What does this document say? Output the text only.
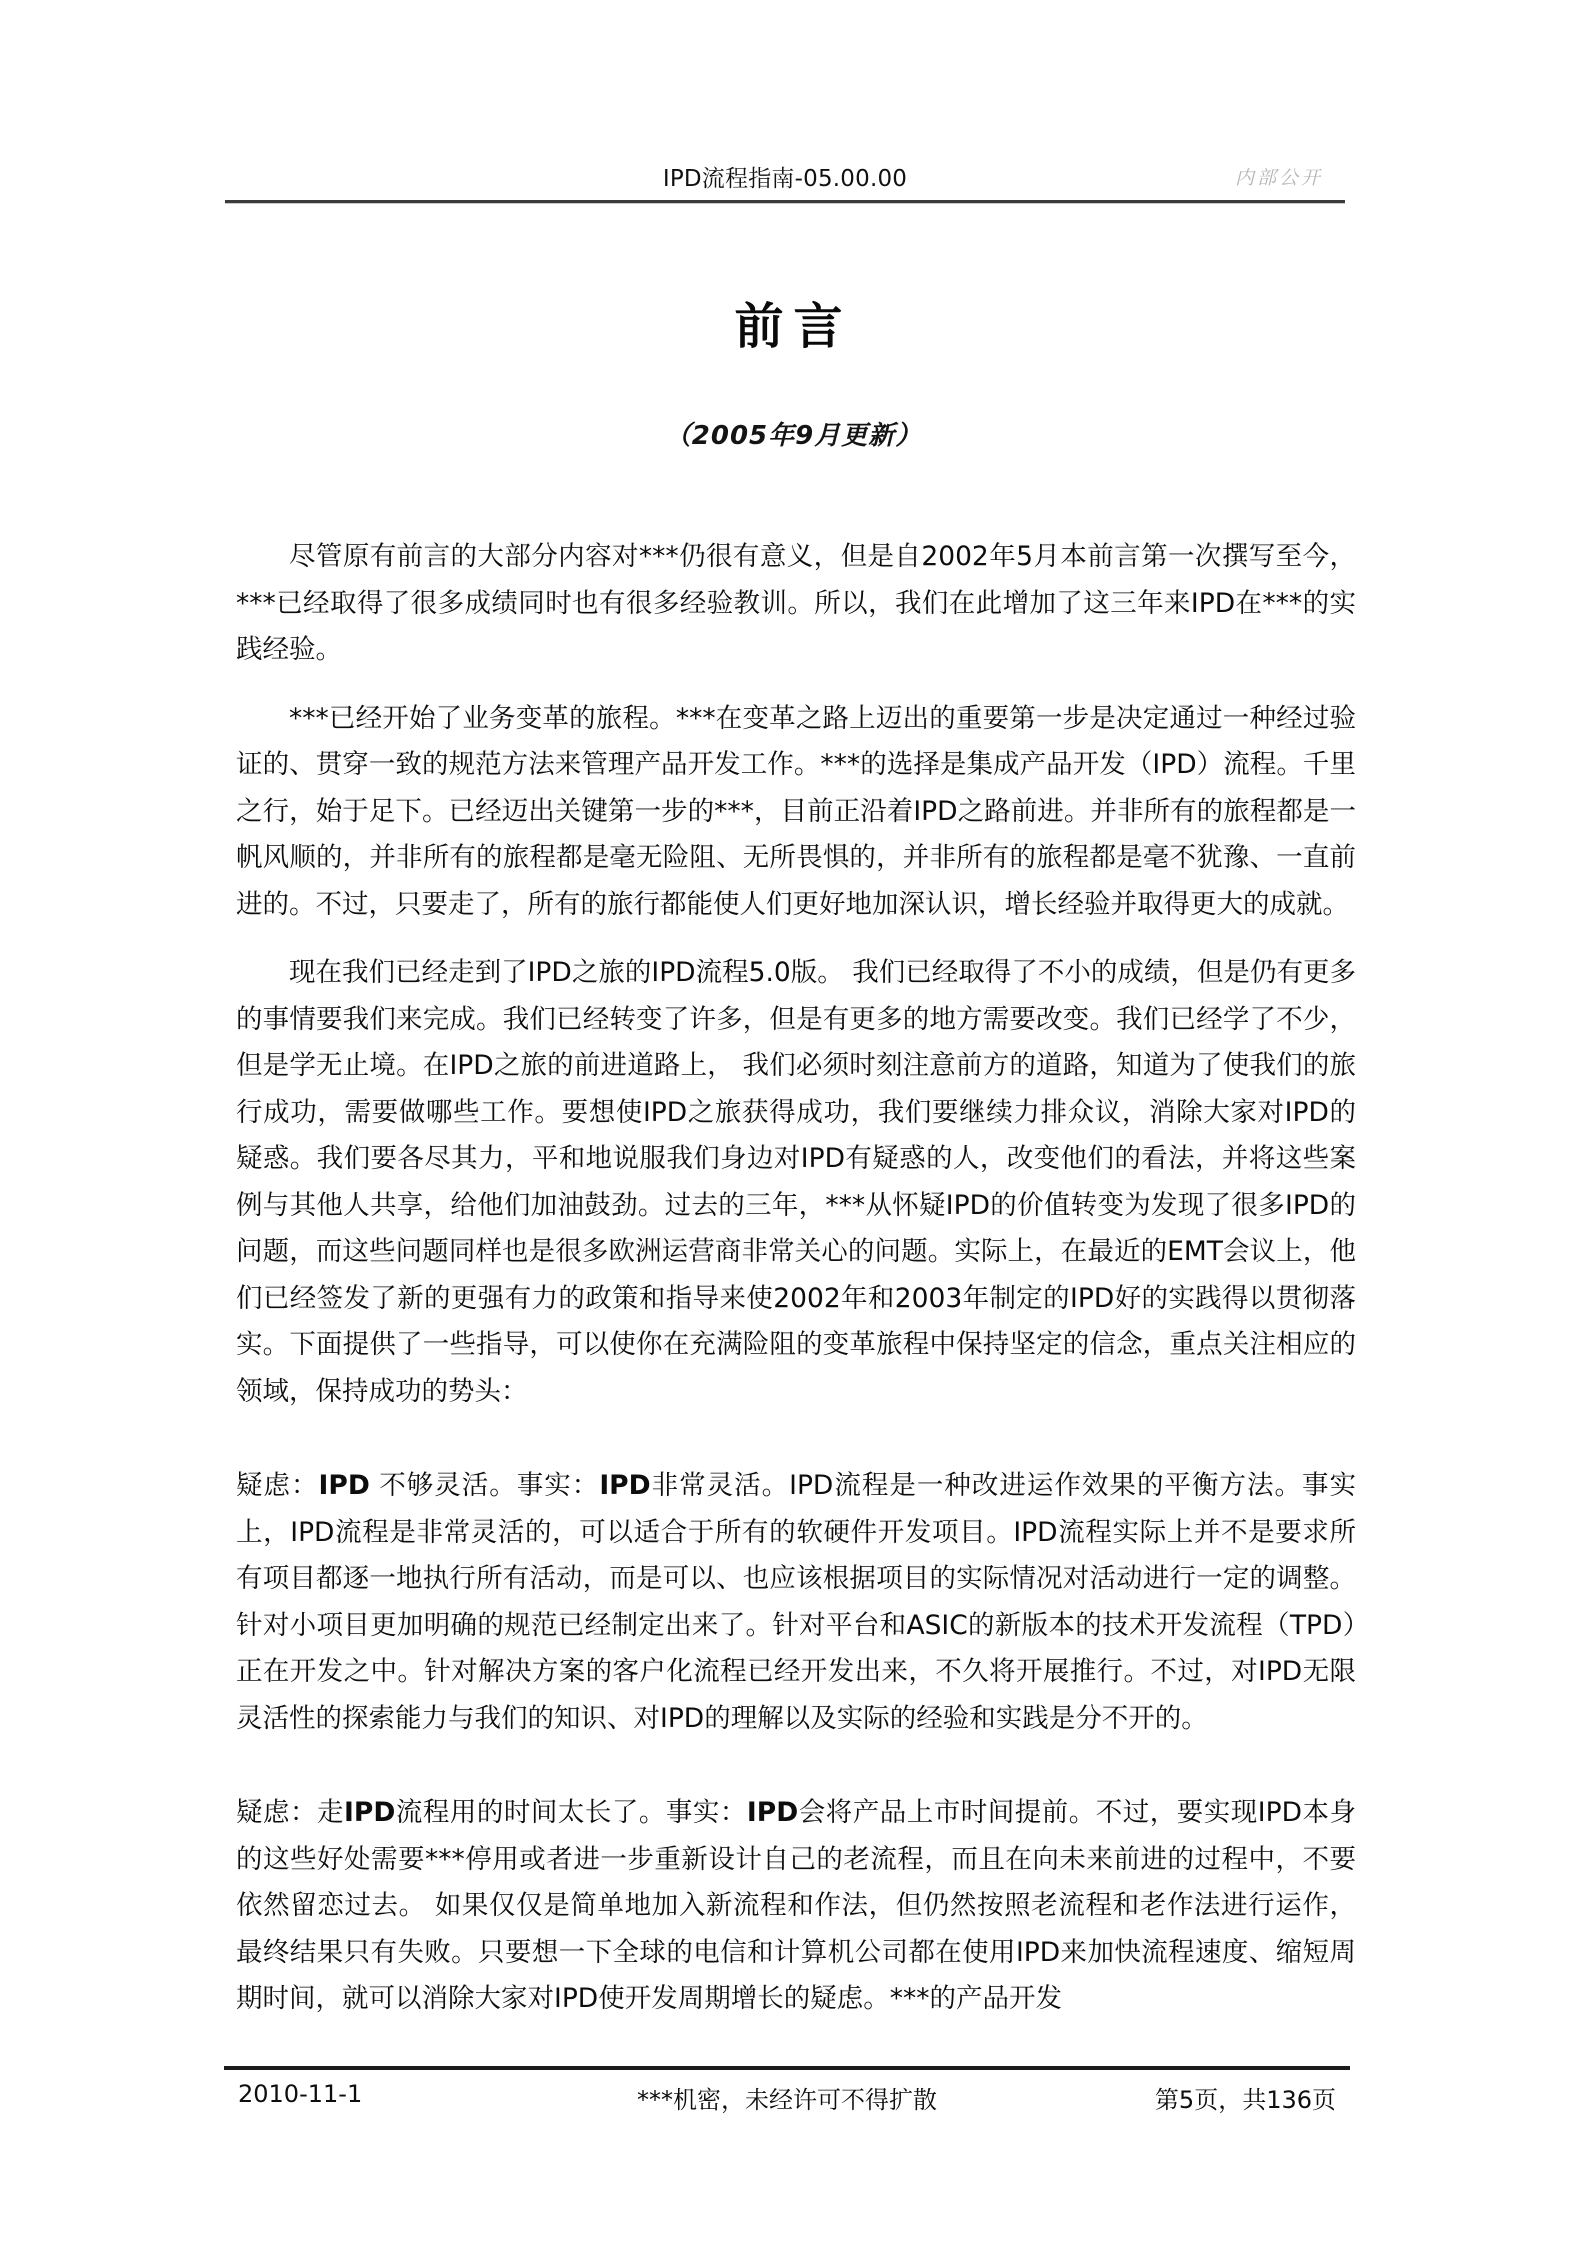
IPD流程指南-05.00.00	内部公开
前言
（2005年9月更新）

尽管原有前言的大部分内容对***仍很有意义，但是自2002年5月本前言第一次撰写至今，***已经取得了很多成绩同时也有很多经验教训。所以，我们在此增加了这三年来IPD在***的实践经验。

***已经开始了业务变革的旅程。***在变革之路上迈出的重要第一步是决定通过一种经过验证的、贯穿一致的规范方法来管理产品开发工作。***的选择是集成产品开发（IPD）流程。千里之行，始于足下。已经迈出关键第一步的***，目前正沿着IPD之路前进。并非所有的旅程都是一帆风顺的，并非所有的旅程都是毫无险阻、无所畏惧的，并非所有的旅程都是毫不犹豫、一直前进的。不过，只要走了，所有的旅行都能使人们更好地加深认识，增长经验并取得更大的成就。

现在我们已经走到了IPD之旅的IPD流程5.0版。 我们已经取得了不小的成绩，但是仍有更多的事情要我们来完成。我们已经转变了许多，但是有更多的地方需要改变。我们已经学了不少，但是学无止境。在IPD之旅的前进道路上， 我们必须时刻注意前方的道路，知道为了使我们的旅行成功，需要做哪些工作。要想使IPD之旅获得成功，我们要继续力排众议，消除大家对IPD的疑惑。我们要各尽其力，平和地说服我们身边对IPD有疑惑的人，改变他们的看法，并将这些案例与其他人共享，给他们加油鼓劲。过去的三年，***从怀疑IPD的价值转变为发现了很多IPD的问题，而这些问题同样也是很多欧洲运营商非常关心的问题。实际上，在最近的EMT会议上，他们已经签发了新的更强有力的政策和指导来使2002年和2003年制定的IPD好的实践得以贯彻落实。下面提供了一些指导，可以使你在充满险阻的变革旅程中保持坚定的信念，重点关注相应的领域，保持成功的势头：

疑虑：IPD 不够灵活。事实：IPD非常灵活。IPD流程是一种改进运作效果的平衡方法。事实上，IPD流程是非常灵活的，可以适合于所有的软硬件开发项目。IPD流程实际上并不是要求所有项目都逐一地执行所有活动，而是可以、也应该根据项目的实际情况对活动进行一定的调整。针对小项目更加明确的规范已经制定出来了。针对平台和ASIC的新版本的技术开发流程（TPD）正在开发之中。针对解决方案的客户化流程已经开发出来，不久将开展推行。不过，对IPD无限灵活性的探索能力与我们的知识、对IPD的理解以及实际的经验和实践是分不开的。

疑虑：走IPD流程用的时间太长了。事实：IPD会将产品上市时间提前。不过，要实现IPD本身的这些好处需要***停用或者进一步重新设计自己的老流程，而且在向未来前进的过程中，不要依然留恋过去。 如果仅仅是简单地加入新流程和作法，但仍然按照老流程和老作法进行运作，最终结果只有失败。只要想一下全球的电信和计算机公司都在使用IPD来加快流程速度、缩短周期时间，就可以消除大家对IPD使开发周期增长的疑虑。***的产品开发

2010-11-1	***机密，未经许可不得扩散	第5页，共136页
